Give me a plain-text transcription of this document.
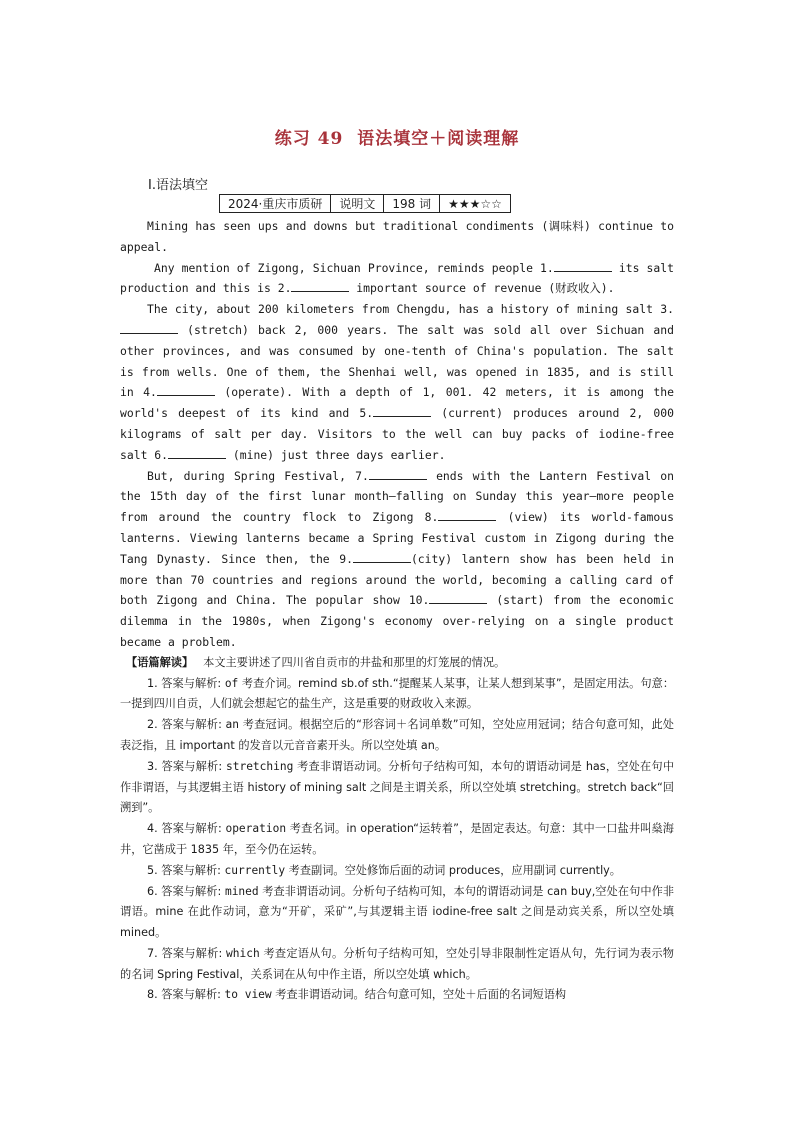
练习 49 语法填空＋阅读理解
Ⅰ.语法填空
2024·重庆市质研	说明文	198 词	★★★☆☆

Mining has seen ups and downs but traditional condiments (调味料) continue to appeal.

Any mention of Zigong, Sichuan Province, reminds people 1.	its salt production and this is 2.	important source of revenue (财政收入).

The city, about 200 kilometers from Chengdu, has a history of mining salt 3. (stretch) back 2, 000 years. The salt was sold all over Sichuan and other provinces, and was consumed by one-tenth of China's population. The salt is from wells. One of them, the Shenhai well, was opened in 1835, and is still in 4.	(operate). With a depth of 1, 001. 42 meters, it is among the world's deepest of its kind and 5.	(current) produces around 2, 000 kilograms of salt per day. Visitors to the well can buy packs of iodine-free salt 6.	(mine) just three days earlier.

But, during Spring Festival, 7.	ends with the Lantern Festival on the 15th day of the first lunar month—falling on Sunday this year—more people from around the country flock to Zigong 8.	(view) its world-famous lanterns. Viewing lanterns became a Spring Festival custom in Zigong during the Tang Dynasty. Since then, the 9.	(city) lantern show has been held in more than 70 countries and regions around the world, becoming a calling card of both Zigong and China. The popular show 10.	(start) from the economic dilemma in the 1980s, when Zigong's economy over-relying on a single product became a problem.

【语篇解读】 本文主要讲述了四川省自贡市的井盐和那里的灯笼展的情况。

1. 答案与解析: of 考查介词。remind sb.of sth.“提醒某人某事，让某人想到某事”，是固定用法。句意：一提到四川自贡，人们就会想起它的盐生产，这是重要的财政收入来源。

2. 答案与解析: an 考查冠词。根据空后的“形容词＋名词单数”可知，空处应用冠词；结合句意可知，此处表泛指，且 important 的发音以元音音素开头。所以空处填 an。

3. 答案与解析: stretching 考查非谓语动词。分析句子结构可知，本句的谓语动词是 has，空处在句中作非谓语，与其逻辑主语 history of mining salt 之间是主谓关系，所以空处填 stretching。stretch back“回溯到”。

4. 答案与解析: operation 考查名词。in operation“运转着”，是固定表达。句意：其中一口盐井叫燊海井，它凿成于 1835 年，至今仍在运转。

5. 答案与解析: currently 考查副词。空处修饰后面的动词 produces，应用副词 currently。

6. 答案与解析: mined 考查非谓语动词。分析句子结构可知，本句的谓语动词是 can buy,空处在句中作非谓语。mine 在此作动词，意为“开矿，采矿”,与其逻辑主语 iodine-free salt 之间是动宾关系，所以空处填 mined。

7. 答案与解析: which 考查定语从句。分析句子结构可知，空处引导非限制性定语从句，先行词为表示物的名词 Spring Festival，关系词在从句中作主语，所以空处填 which。

8. 答案与解析: to view 考查非谓语动词。结合句意可知，空处＋后面的名词短语构
